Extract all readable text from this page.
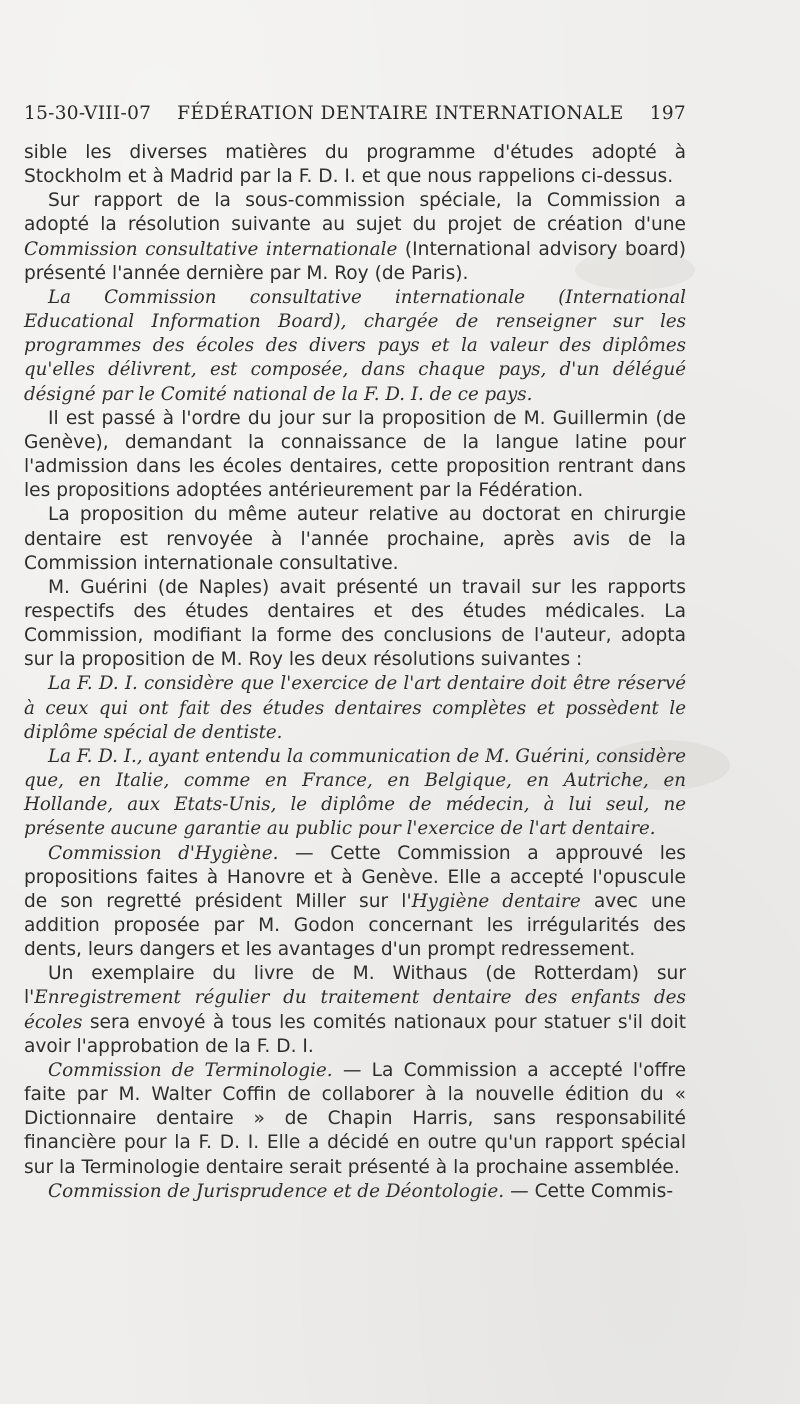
15-30-VIII-07 FÉDÉRATION DENTAIRE INTERNATIONALE 197

sible les diverses matières du programme d'études adopté à Stockholm et à Madrid par la F. D. I. et que nous rappelions ci-dessus.

Sur rapport de la sous-commission spéciale, la Commission a adopté la résolution suivante au sujet du projet de création d'une Commission consultative internationale (International advisory board) présenté l'année dernière par M. Roy (de Paris).

La Commission consultative internationale (International Educational Information Board), chargée de renseigner sur les programmes des écoles des divers pays et la valeur des diplômes qu'elles délivrent, est composée, dans chaque pays, d'un délégué désigné par le Comité national de la F. D. I. de ce pays.

Il est passé à l'ordre du jour sur la proposition de M. Guillermin (de Genève), demandant la connaissance de la langue latine pour l'admission dans les écoles dentaires, cette proposition rentrant dans les propositions adoptées antérieurement par la Fédération.

La proposition du même auteur relative au doctorat en chirurgie dentaire est renvoyée à l'année prochaine, après avis de la Commission internationale consultative.

M. Guérini (de Naples) avait présenté un travail sur les rapports respectifs des études dentaires et des études médicales. La Commission, modifiant la forme des conclusions de l'auteur, adopta sur la proposition de M. Roy les deux résolutions suivantes :

La F. D. I. considère que l'exercice de l'art dentaire doit être réservé à ceux qui ont fait des études dentaires complètes et possèdent le diplôme spécial de dentiste.

La F. D. I., ayant entendu la communication de M. Guérini, considère que, en Italie, comme en France, en Belgique, en Autriche, en Hollande, aux Etats-Unis, le diplôme de médecin, à lui seul, ne présente aucune garantie au public pour l'exercice de l'art dentaire.

Commission d'Hygiène. — Cette Commission a approuvé les propositions faites à Hanovre et à Genève. Elle a accepté l'opuscule de son regretté président Miller sur l'Hygiène dentaire avec une addition proposée par M. Godon concernant les irrégularités des dents, leurs dangers et les avantages d'un prompt redressement.

Un exemplaire du livre de M. Withaus (de Rotterdam) sur l'Enregistrement régulier du traitement dentaire des enfants des écoles sera envoyé à tous les comités nationaux pour statuer s'il doit avoir l'approbation de la F. D. I.

Commission de Terminologie. — La Commission a accepté l'offre faite par M. Walter Coffin de collaborer à la nouvelle édition du « Dictionnaire dentaire » de Chapin Harris, sans responsabilité financière pour la F. D. I. Elle a décidé en outre qu'un rapport spécial sur la Terminologie dentaire serait présenté à la prochaine assemblée.

Commission de Jurisprudence et de Déontologie. — Cette Commis-
